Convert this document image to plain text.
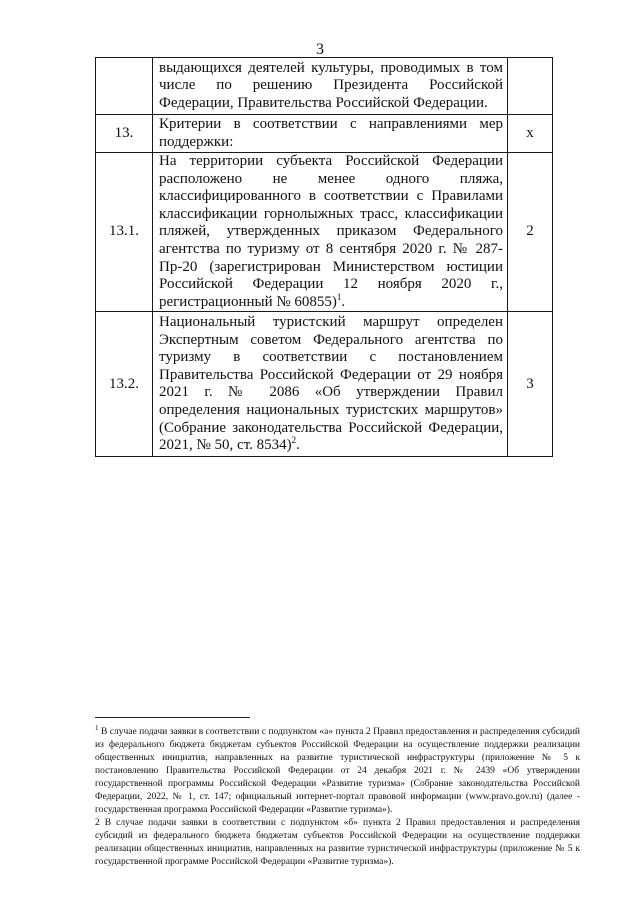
3
	выдающихся деятелей культуры, проводимых в том числе по решению Президента Российской Федерации, Правительства Российской Федерации.	
13.	Критерии в соответствии с направлениями мер поддержки:	x
13.1.	На территории субъекта Российской Федерации расположено не менее одного пляжа, классифицированного в соответствии с Правилами классификации горнолыжных трасс, классификации пляжей, утвержденных приказом Федерального агентства по туризму от 8 сентября 2020 г. № 287-Пр-20 (зарегистрирован Министерством юстиции Российской Федерации 12 ноября 2020 г., регистрационный № 60855)$^1$.	2
13.2.	Национальный туристский маршрут определен Экспертным советом Федерального агентства по туризму в соответствии с постановлением Правительства Российской Федерации от 29 ноября 2021 г. № 2086 «Об утверждении Правил определения национальных туристских маршрутов» (Собрание законодательства Российской Федерации, 2021, № 50, ст. 8534)$^2$.	3

$^1$ В случае подачи заявки в соответствии с подпунктом «а» пункта 2 Правил предоставления и распределения субсидий из федерального бюджета бюджетам субъектов Российской Федерации на осуществление поддержки реализации общественных инициатив, направленных на развитие туристической инфраструктуры (приложение № 5 к постановлению Правительства Российской Федерации от 24 декабря 2021 г. № 2439 «Об утверждении государственной программы Российской Федерации «Развитие туризма» (Собрание законодательства Российской Федерации, 2022, № 1, ст. 147; официальный интернет-портал правовой информации (www.pravo.gov.ru) (далее - государственная программа Российской Федерации «Развитие туризма»).

2 В случае подачи заявки в соответствии с подпунктом «б» пункта 2 Правил предоставления и распределения субсидий из федерального бюджета бюджетам субъектов Российской Федерации на осуществление поддержки реализации общественных инициатив, направленных на развитие туристической инфраструктуры (приложение № 5 к государственной программе Российской Федерации «Развитие туризма»).
